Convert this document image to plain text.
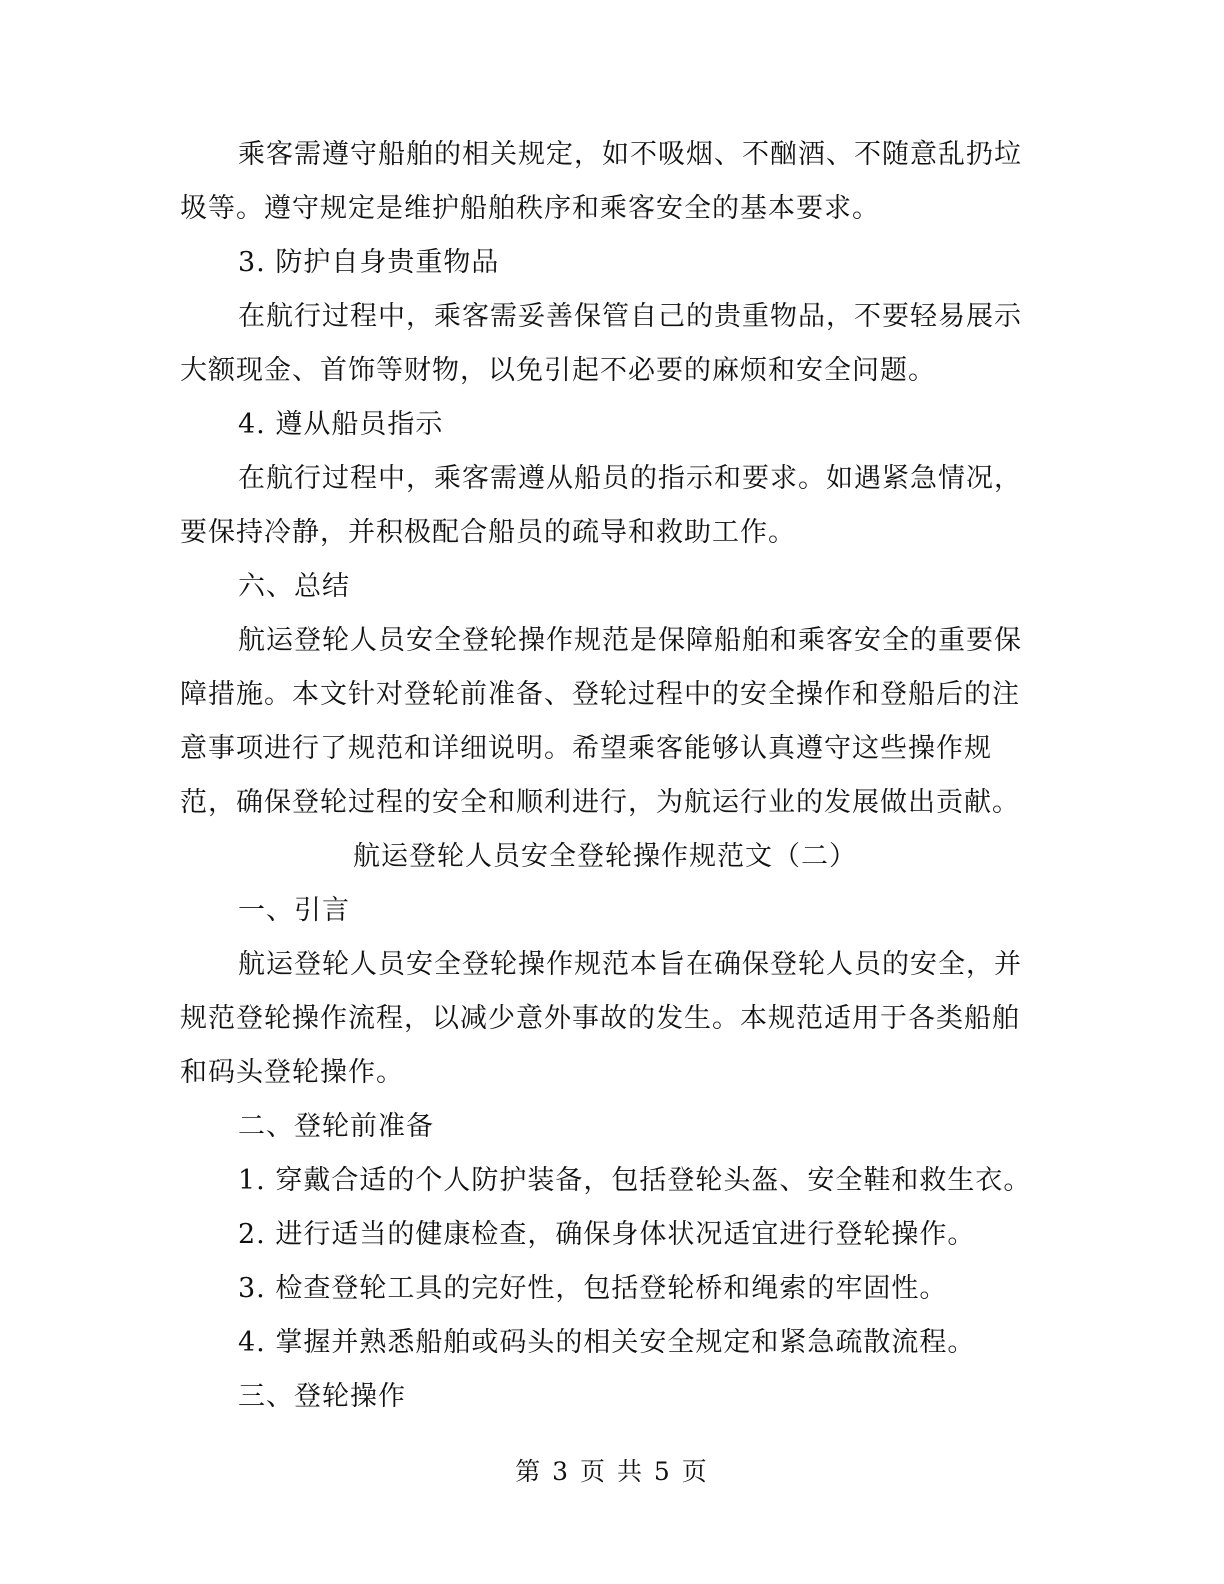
乘客需遵守船舶的相关规定，如不吸烟、不酗酒、不随意乱扔垃

圾等。遵守规定是维护船舶秩序和乘客安全的基本要求。

3. 防护自身贵重物品

在航行过程中，乘客需妥善保管自己的贵重物品，不要轻易展示

大额现金、首饰等财物，以免引起不必要的麻烦和安全问题。

4. 遵从船员指示

在航行过程中，乘客需遵从船员的指示和要求。如遇紧急情况，

要保持冷静，并积极配合船员的疏导和救助工作。

六、总结

航运登轮人员安全登轮操作规范是保障船舶和乘客安全的重要保

障措施。本文针对登轮前准备、登轮过程中的安全操作和登船后的注

意事项进行了规范和详细说明。希望乘客能够认真遵守这些操作规

范，确保登轮过程的安全和顺利进行，为航运行业的发展做出贡献。

航运登轮人员安全登轮操作规范文（二）

一、引言

航运登轮人员安全登轮操作规范本旨在确保登轮人员的安全，并

规范登轮操作流程，以减少意外事故的发生。本规范适用于各类船舶

和码头登轮操作。

二、登轮前准备

1. 穿戴合适的个人防护装备，包括登轮头盔、安全鞋和救生衣。

2. 进行适当的健康检查，确保身体状况适宜进行登轮操作。

3. 检查登轮工具的完好性，包括登轮桥和绳索的牢固性。

4. 掌握并熟悉船舶或码头的相关安全规定和紧急疏散流程。

三、登轮操作

第 3 页 共 5 页
